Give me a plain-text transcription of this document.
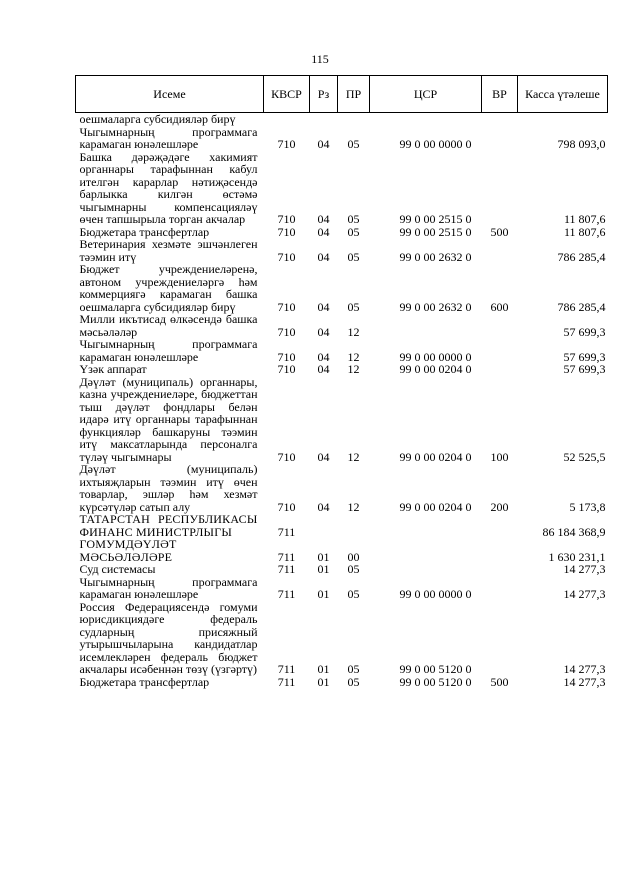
115
Исеме	КВСР	Рз	ПР	ЦСР	ВР	Касса үтәлеше
оешмаларга субсидияләр бирү						
Чыгымнарның программага карамаган юнәлешләре	710	04	05	99 0 00 0000 0		798 093,0
Башка дәрәҗәдәге хакимият органнары тарафыннан кабул ителгән карарлар нәтиҗәсендә барлыкка килгән өстәмә чыгымнарны компенсацияләү өчен тапшырыла торган акчалар	710	04	05	99 0 00 2515 0		11 807,6
Бюджетара трансфертлар	710	04	05	99 0 00 2515 0	500	11 807,6
Ветеринария хезмәте эшчәнлеген тәэмин итү	710	04	05	99 0 00 2632 0		786 285,4
Бюджет учреждениеләренә, автоном учреждениеләргә һәм коммерциягә карамаган башка оешмаларга субсидияләр бирү	710	04	05	99 0 00 2632 0	600	786 285,4
Милли икътисад өлкәсендә башка мәсьәләләр	710	04	12			57 699,3
Чыгымнарның программага карамаган юнәлешләре	710	04	12	99 0 00 0000 0		57 699,3
Үзәк аппарат	710	04	12	99 0 00 0204 0		57 699,3
Дәүләт (муниципаль) органнары, казна учреждениеләре, бюджеттан тыш дәүләт фондлары белән идарә итү органнары тарафыннан функцияләр башкаруны тәэмин итү максатларында персоналга түләү чыгымнары	710	04	12	99 0 00 0204 0	100	52 525,5
Дәүләт (муниципаль) ихтыяҗларын тәэмин итү өчен товарлар, эшләр һәм хезмәт күрсәтүләр сатып алу	710	04	12	99 0 00 0204 0	200	5 173,8
ТАТАРСТАН РЕСПУБЛИКАСЫ ФИНАНС МИНИСТРЛЫГЫ	711					86 184 368,9
ГОМУМДӘҮЛӘТ МӘСЬӘЛӘЛӘРЕ	711	01	00			1 630 231,1
Суд системасы	711	01	05			14 277,3
Чыгымнарның программага карамаган юнәлешләре	711	01	05	99 0 00 0000 0		14 277,3
Россия Федерациясендә гомуми юрисдикциядәге федераль судларның присяжный утырышчыларына кандидатлар исемлекләрен федераль бюджет акчалары исәбеннән төзү (үзгәртү)	711	01	05	99 0 00 5120 0		14 277,3
Бюджетара трансфертлар	711	01	05	99 0 00 5120 0	500	14 277,3
